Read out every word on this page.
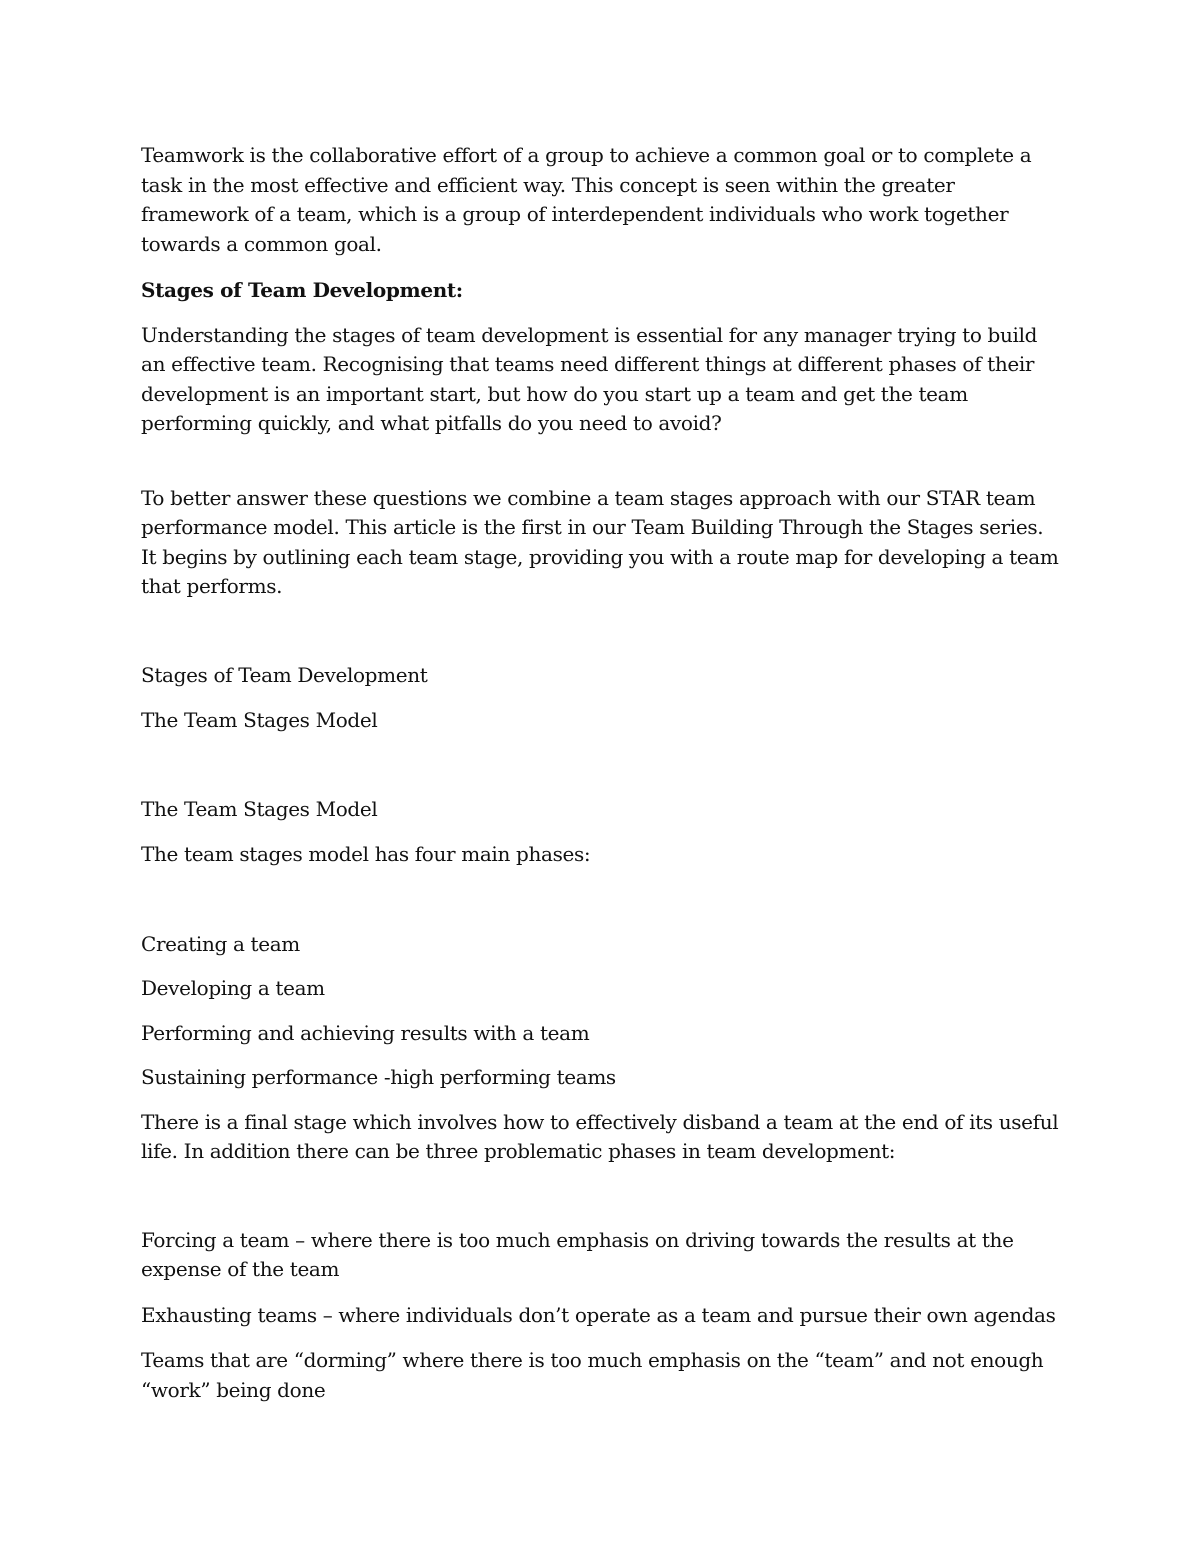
Teamwork is the collaborative effort of a group to achieve a common goal or to complete a task in the most effective and efficient way. This concept is seen within the greater framework of a team, which is a group of interdependent individuals who work together towards a common goal.

Stages of Team Development:

Understanding the stages of team development is essential for any manager trying to build an effective team. Recognising that teams need different things at different phases of their development is an important start, but how do you start up a team and get the team performing quickly, and what pitfalls do you need to avoid?

To better answer these questions we combine a team stages approach with our STAR team performance model. This article is the first in our Team Building Through the Stages series. It begins by outlining each team stage, providing you with a route map for developing a team that performs.

Stages of Team Development

The Team Stages Model

The Team Stages Model

The team stages model has four main phases:

Creating a team

Developing a team

Performing and achieving results with a team

Sustaining performance -high performing teams

There is a final stage which involves how to effectively disband a team at the end of its useful life. In addition there can be three problematic phases in team development:

Forcing a team – where there is too much emphasis on driving towards the results at the expense of the team

Exhausting teams – where individuals don’t operate as a team and pursue their own agendas

Teams that are “dorming” where there is too much emphasis on the “team” and not enough “work” being done
